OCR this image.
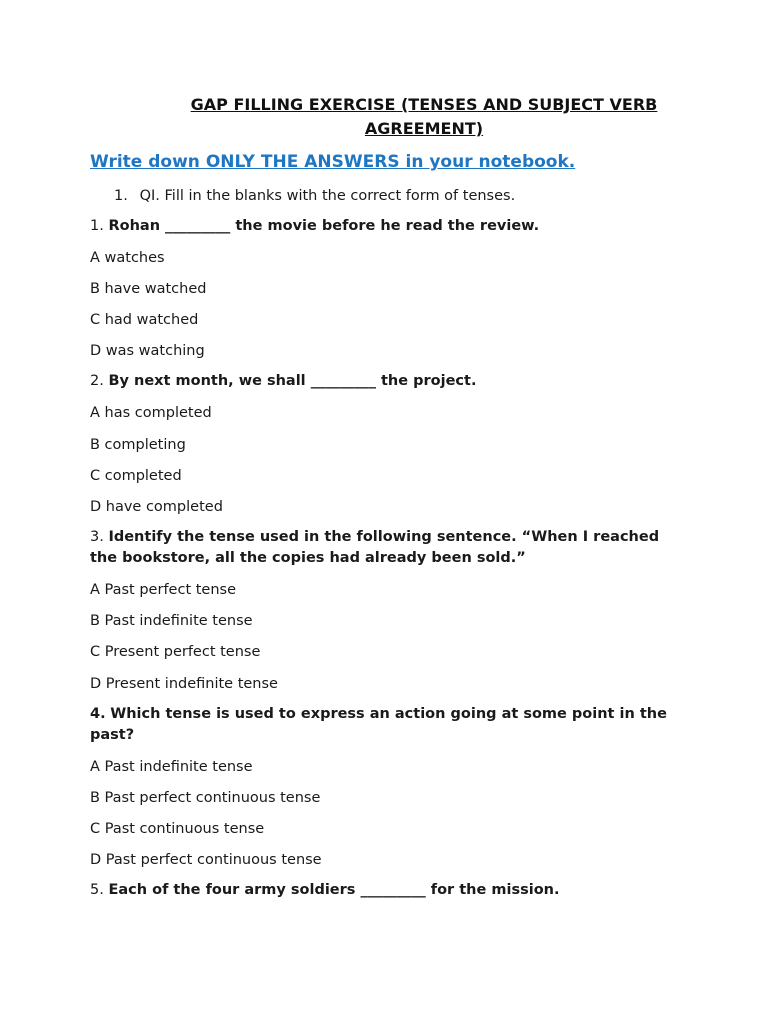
GAP FILLING EXERCISE (TENSES AND SUBJECT VERB
AGREEMENT)
Write down ONLY THE ANSWERS in your notebook.
1. QI. Fill in the blanks with the correct form of tenses.
1. Rohan _________ the movie before he read the review.
A watches
B have watched
C had watched
D was watching
2. By next month, we shall _________ the project.
A has completed
B completing
C completed
D have completed
3. Identify the tense used in the following sentence. “When I reached the bookstore, all the copies had already been sold.”
A Past perfect tense
B Past indefinite tense
C Present perfect tense
D Present indefinite tense
4. Which tense is used to express an action going at some point in the past?
A Past indefinite tense
B Past perfect continuous tense
C Past continuous tense
D Past perfect continuous tense
5. Each of the four army soldiers _________ for the mission.
